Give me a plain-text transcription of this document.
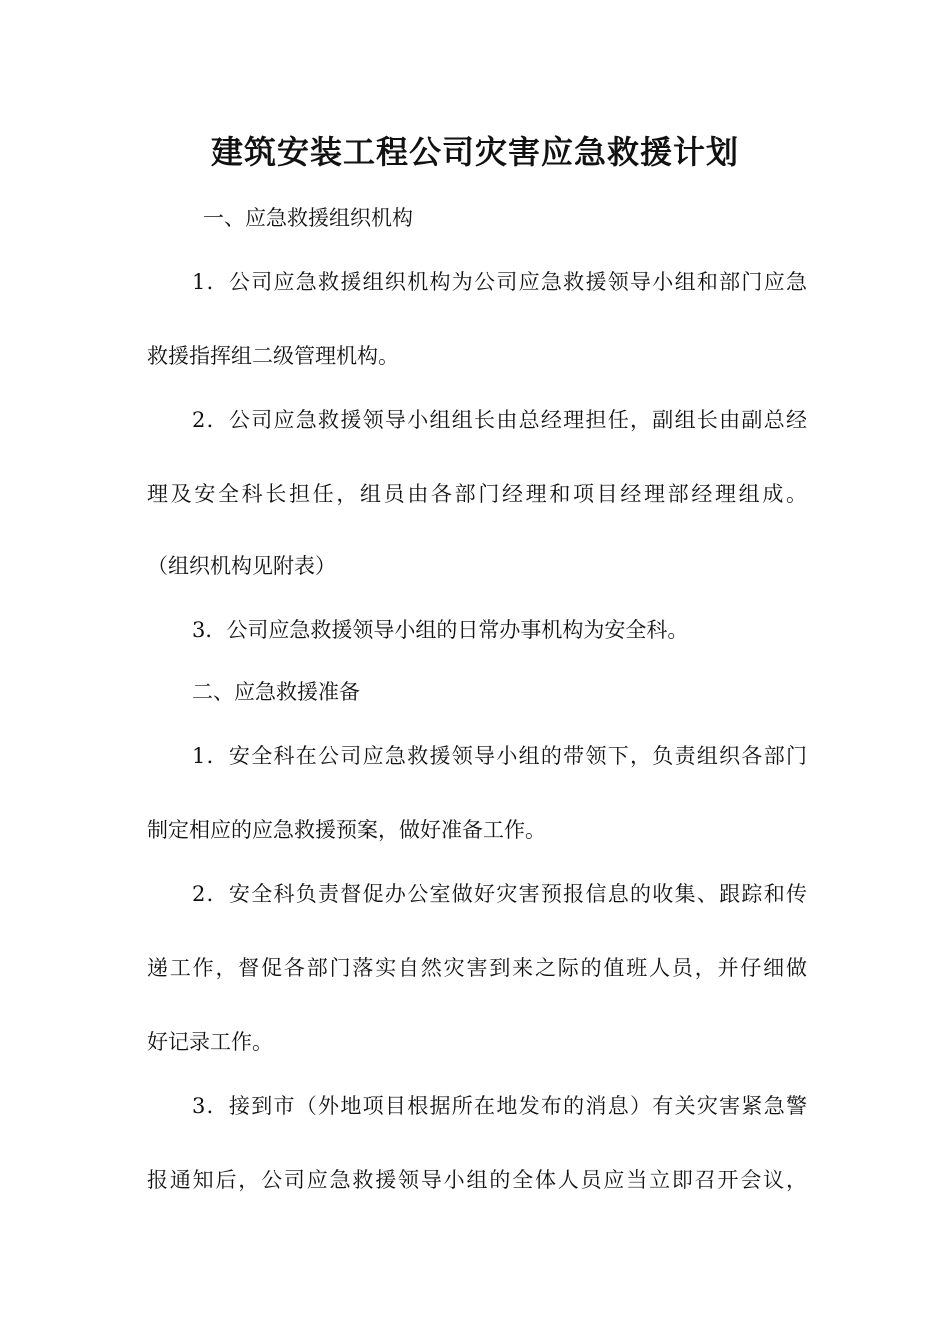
建筑安装工程公司灾害应急救援计划
一、应急救援组织机构
1．公司应急救援组织机构为公司应急救援领导小组和部门应急
救援指挥组二级管理机构。
2．公司应急救援领导小组组长由总经理担任，副组长由副总经
理及安全科长担任，组员由各部门经理和项目经理部经理组成。
（组织机构见附表）
3．公司应急救援领导小组的日常办事机构为安全科。
二、应急救援准备
1．安全科在公司应急救援领导小组的带领下，负责组织各部门
制定相应的应急救援预案，做好准备工作。
2．安全科负责督促办公室做好灾害预报信息的收集、跟踪和传
递工作，督促各部门落实自然灾害到来之际的值班人员，并仔细做
好记录工作。
3．接到市（外地项目根据所在地发布的消息）有关灾害紧急警
报通知后，公司应急救援领导小组的全体人员应当立即召开会议，
